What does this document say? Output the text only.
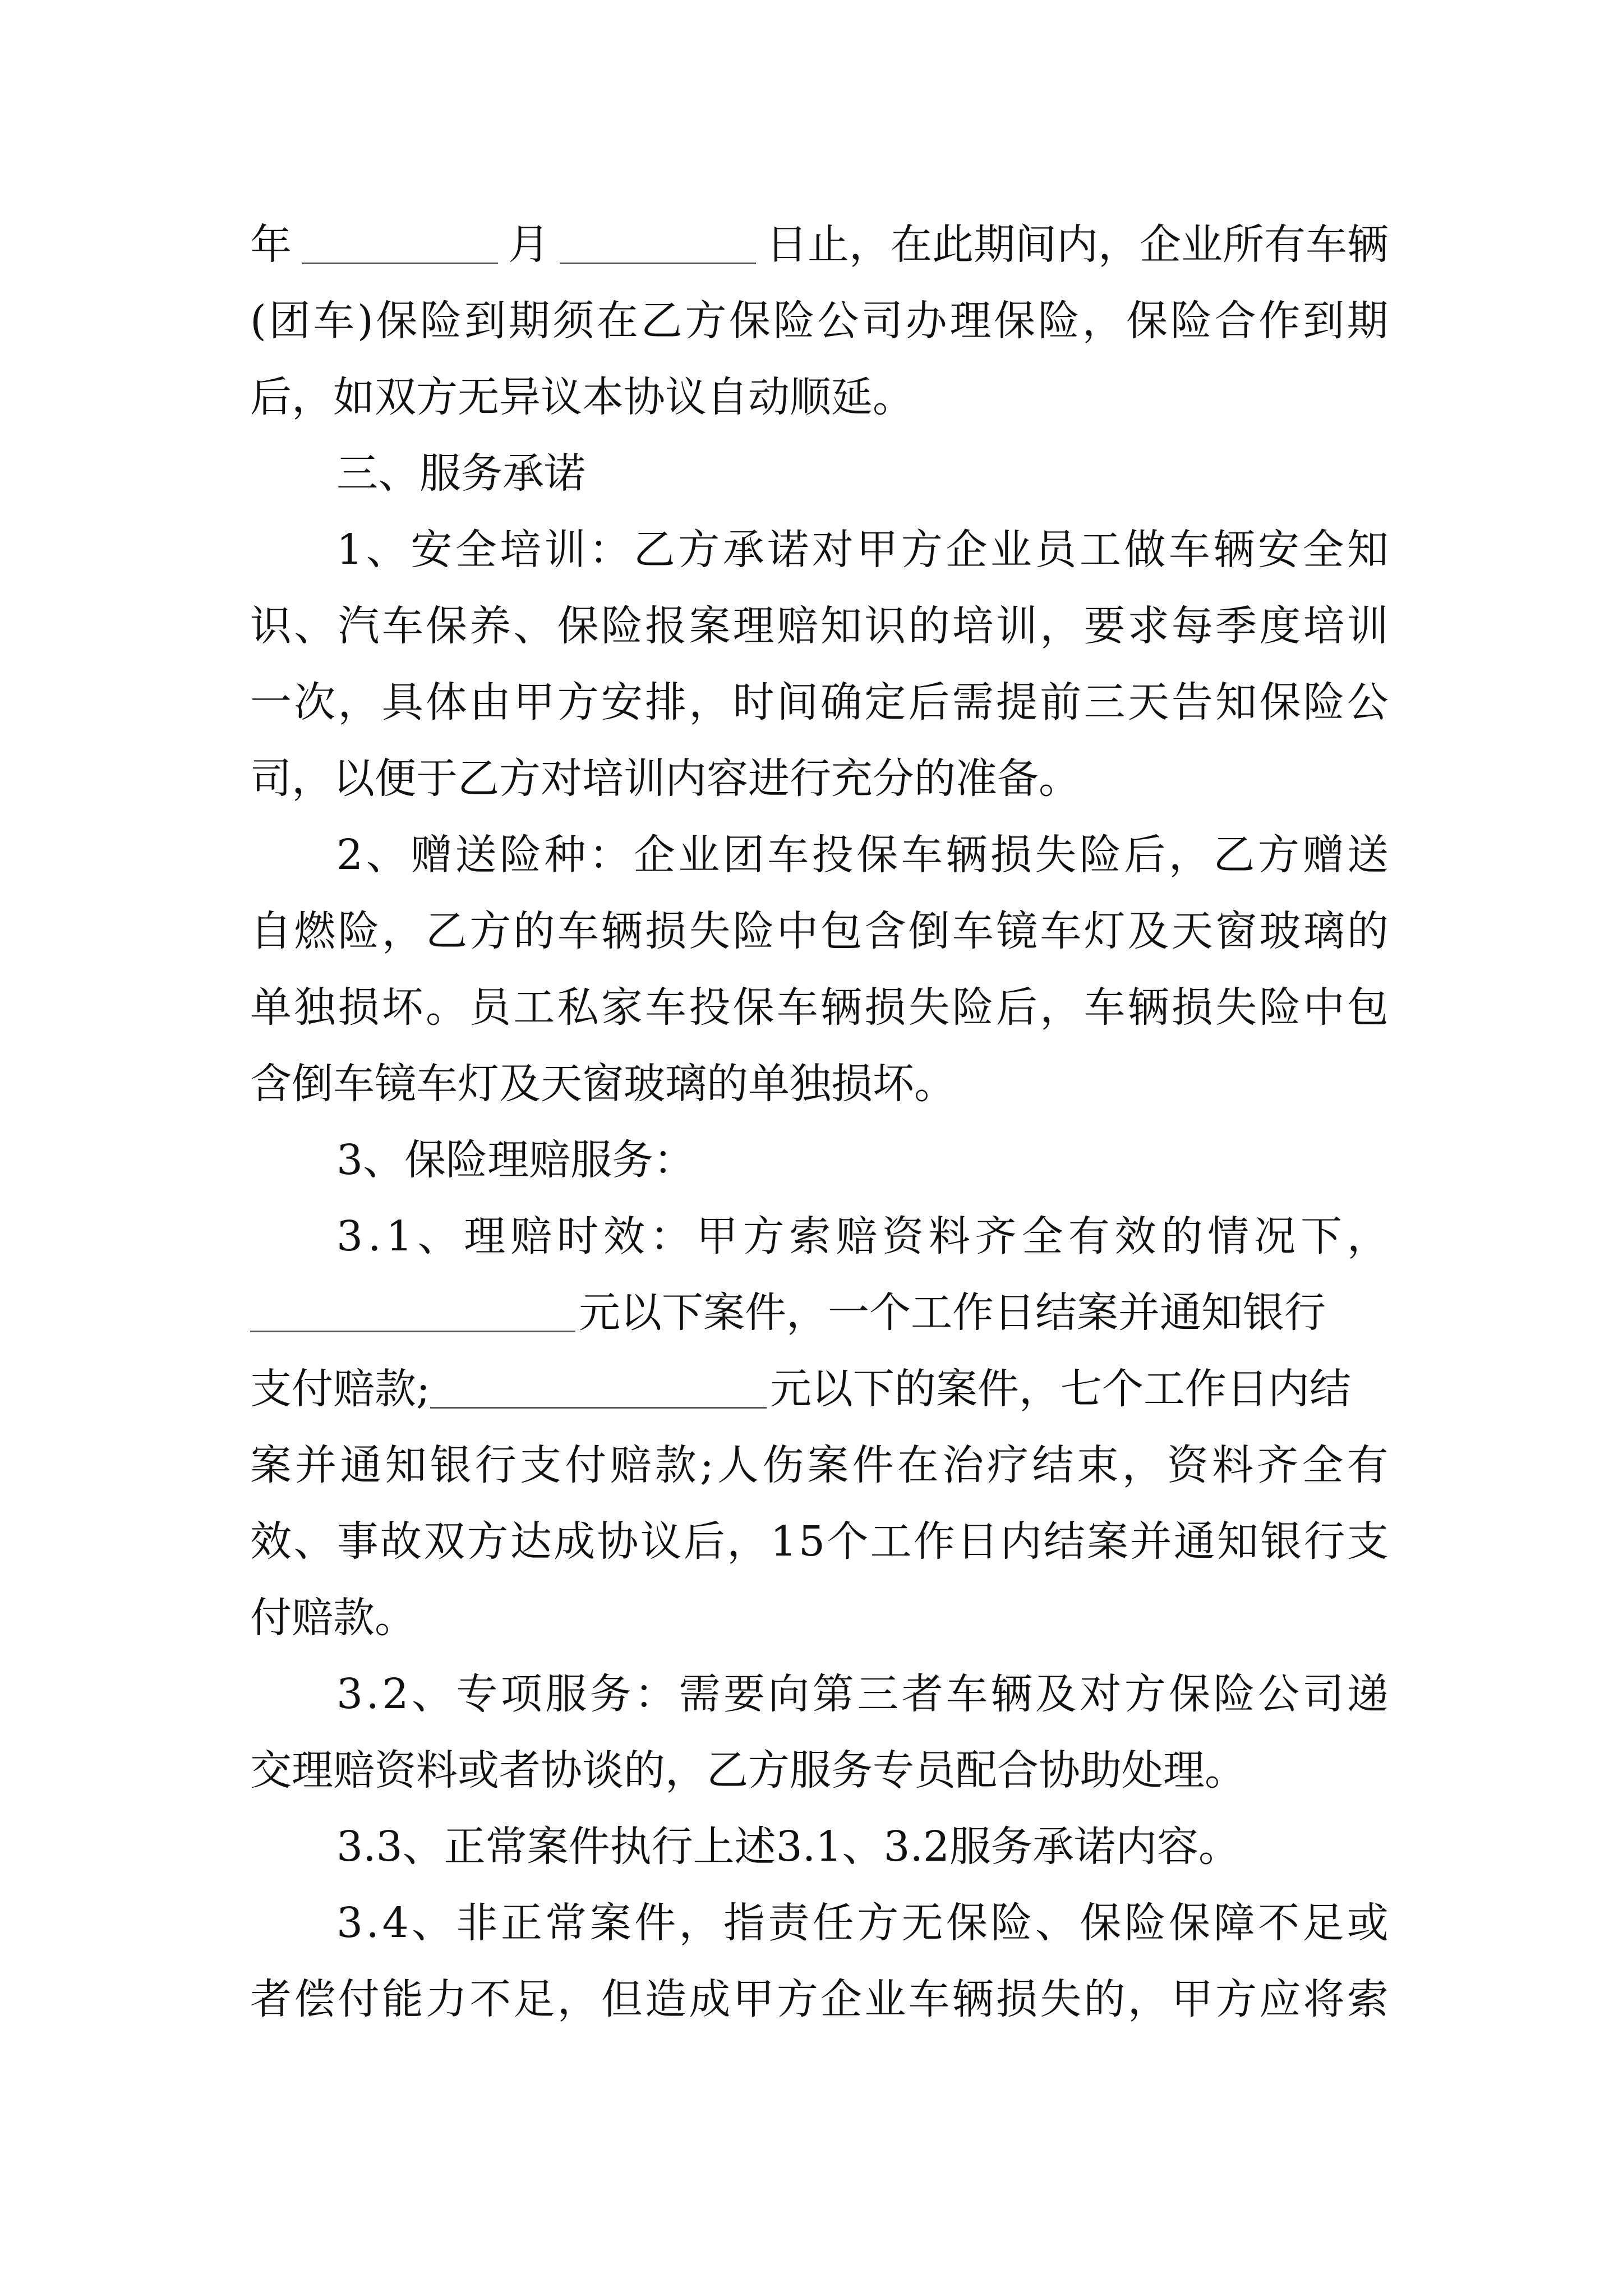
年	月	日止，在此期间内，企业所有车辆
( 团 车 ) 保 险 到 期 须 在 乙 方 保 险 公 司 办 理 保 险 ， 保 险 合 作 到 期
后，如双方无异议本协议自动顺延。
三、服务承诺
1 、 安 全 培 训 ： 乙 方 承 诺 对 甲 方 企 业 员 工 做 车 辆 安 全 知
识 、 汽 车 保 养 、 保 险 报 案 理 赔 知 识 的 培 训 ， 要 求 每 季 度 培 训
一 次 ， 具 体 由 甲 方 安 排 ， 时 间 确 定 后 需 提 前 三 天 告 知 保 险 公
司，以便于乙方对培训内容进行充分的准备。
2 、 赠 送 险 种 ： 企 业 团 车 投 保 车 辆 损 失 险 后 ， 乙 方 赠 送
自 燃 险 ， 乙 方 的 车 辆 损 失 险 中 包 含 倒 车 镜 车 灯 及 天 窗 玻 璃 的
单 独 损 坏 。 员 工 私 家 车 投 保 车 辆 损 失 险 后 ， 车 辆 损 失 险 中 包
含倒车镜车灯及天窗玻璃的单独损坏。
3、保险理赔服务：
3 . 1 、 理 赔 时 效 ： 甲 方 索 赔 资 料 齐 全 有 效 的 情 况 下 ，
元以下案件，一个工作日结案并通知银行
支付赔款;	元以下的案件，七个工作日内结
案 并 通 知 银 行 支 付 赔 款 ; 人 伤 案 件 在 治 疗 结 束 ， 资 料 齐 全 有
效 、 事 故 双 方 达 成 协 议 后 ， 1 5 个 工 作 日 内 结 案 并 通 知 银 行 支
付赔款。
3 . 2 、 专 项 服 务 ： 需 要 向 第 三 者 车 辆 及 对 方 保 险 公 司 递
交理赔资料或者协谈的，乙方服务专员配合协助处理。
3.3、正常案件执行上述3.1、3.2服务承诺内容。
3 . 4 、 非 正 常 案 件 ， 指 责 任 方 无 保 险 、 保 险 保 障 不 足 或
者 偿 付 能 力 不 足 ， 但 造 成 甲 方 企 业 车 辆 损 失 的 ， 甲 方 应 将 索
